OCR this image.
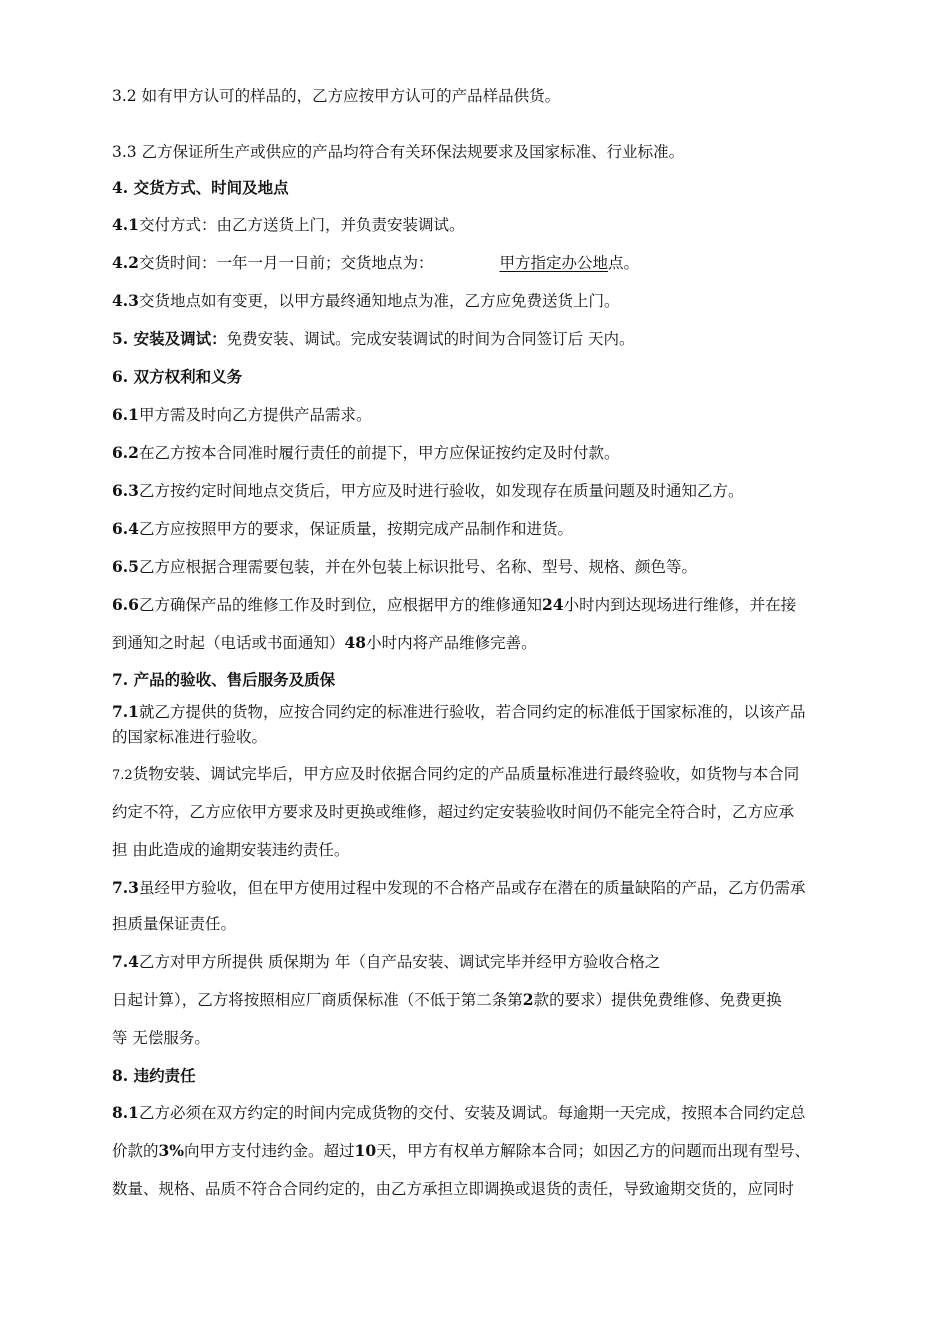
3.2 如有甲方认可的样品的，乙方应按甲方认可的产品样品供货。
3.3 乙方保证所生产或供应的产品均符合有关环保法规要求及国家标准、行业标准。
4. 交货方式、时间及地点
4.1交付方式：由乙方送货上门，并负责安装调试。
4.2交货时间：一年一月一日前；交货地点为：	甲方指定办公地点。
4.3交货地点如有变更，以甲方最终通知地点为准，乙方应免费送货上门。
5. 安装及调试：免费安装、调试。完成安装调试的时间为合同签订后 天内。
6. 双方权利和义务
6.1甲方需及时向乙方提供产品需求。
6.2在乙方按本合同准时履行责任的前提下，甲方应保证按约定及时付款。
6.3乙方按约定时间地点交货后，甲方应及时进行验收，如发现存在质量问题及时通知乙方。
6.4乙方应按照甲方的要求，保证质量，按期完成产品制作和进货。
6.5乙方应根据合理需要包装，并在外包装上标识批号、名称、型号、规格、颜色等。
6.6乙方确保产品的维修工作及时到位，应根据甲方的维修通知24小时内到达现场进行维修，并在接
到通知之时起（电话或书面通知）48小时内将产品维修完善。
7. 产品的验收、售后服务及质保
7.1就乙方提供的货物，应按合同约定的标准进行验收，若合同约定的标准低于国家标准的，以该产品
的国家标准进行验收。
7.2货物安装、调试完毕后，甲方应及时依据合同约定的产品质量标准进行最终验收，如货物与本合同
约定不符，乙方应依甲方要求及时更换或维修，超过约定安装验收时间仍不能完全符合时，乙方应承
担 由此造成的逾期安装违约责任。
7.3虽经甲方验收，但在甲方使用过程中发现的不合格产品或存在潜在的质量缺陷的产品，乙方仍需承
担质量保证责任。
7.4乙方对甲方所提供 质保期为 年（自产品安装、调试完毕并经甲方验收合格之
日起计算），乙方将按照相应厂商质保标准（不低于第二条第2款的要求）提供免费维修、免费更换
等 无偿服务。
8. 违约责任
8.1乙方必须在双方约定的时间内完成货物的交付、安装及调试。每逾期一天完成，按照本合同约定总
价款的3%向甲方支付违约金。超过10天，甲方有权单方解除本合同；如因乙方的问题而出现有型号、
数量、规格、品质不符合合同约定的，由乙方承担立即调换或退货的责任，导致逾期交货的，应同时
